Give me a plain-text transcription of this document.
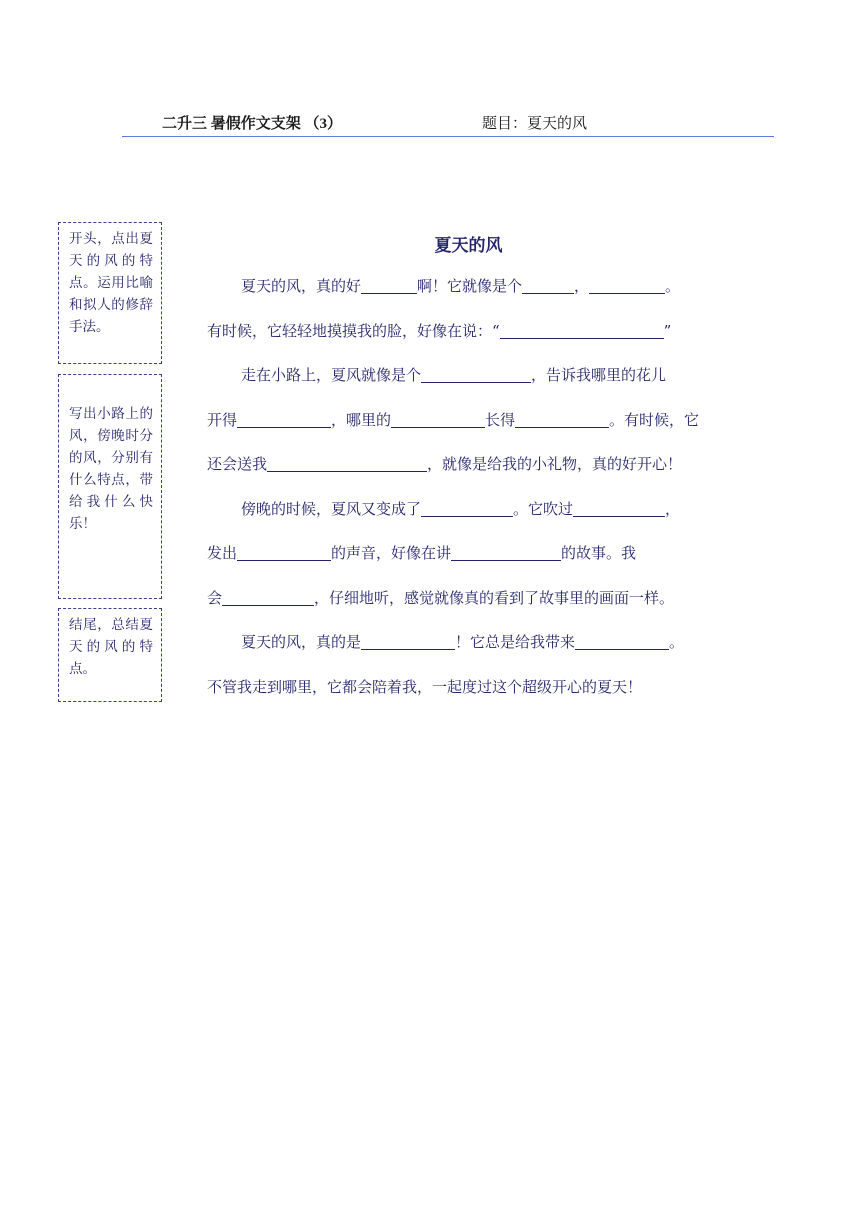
二升三 暑假作文支架 （3）	题目：夏天的风
开头，点出夏天的风的特点。运用比喻和拟人的修辞手法。
写出小路上的风，傍晚时分的风，分别有什么特点，带给我什么快乐！
结尾，总结夏天的风的特点。
夏天的风

夏天的风，真的好	啊！它就像是个	，	。

有时候，它轻轻地摸摸我的脸，好像在说：“	”

走在小路上，夏风就像是个	，告诉我哪里的花儿

开得	，哪里的	长得	。有时候，它

还会送我	，就像是给我的小礼物，真的好开心！

傍晚的时候，夏风又变成了	。它吹过	，

发出	的声音，好像在讲	的故事。我

会	，仔细地听，感觉就像真的看到了故事里的画面一样。

夏天的风，真的是	！它总是给我带来	。

不管我走到哪里，它都会陪着我，一起度过这个超级开心的夏天！
